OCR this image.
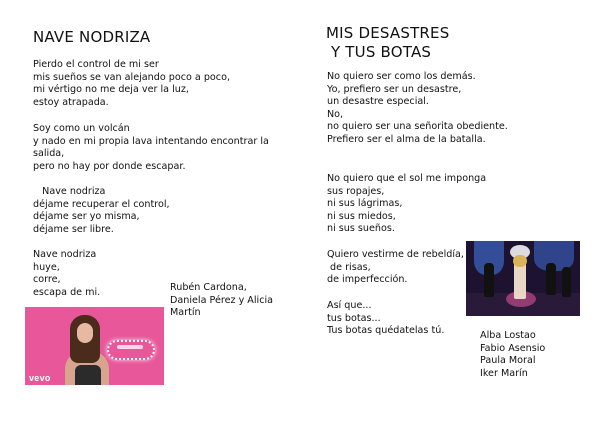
NAVE NODRIZA
Pierdo el control de mi ser
mis sueños se van alejando poco a poco,
mi vértigo no me deja ver la luz,
estoy atrapada.
Soy como un volcán
y nado en mi propia lava intentando encontrar la
salida,
pero no hay por donde escapar.
Nave nodriza
déjame recuperar el control,
déjame ser yo misma,
déjame ser libre.
Nave nodriza
huye,
corre,
escapa de mi.	Rubén Cardona,
Daniela Pérez y Alicia
Martín
vevo
MIS DESASTRES
Y TUS BOTAS
No quiero ser como los demás.
Yo, prefiero ser un desastre,
un desastre especial.
No,
no quiero ser una señorita obediente.
Prefiero ser el alma de la batalla.
No quiero que el sol me imponga
sus ropajes,
ni sus lágrimas,
ni sus miedos,
ni sus sueños.
Quiero vestirme de rebeldía,
de risas,
de imperfección.
Así que...
tus botas...
Tus botas quédatelas tú.	Alba Lostao
Fabio Asensio
Paula Moral
Iker Marín
